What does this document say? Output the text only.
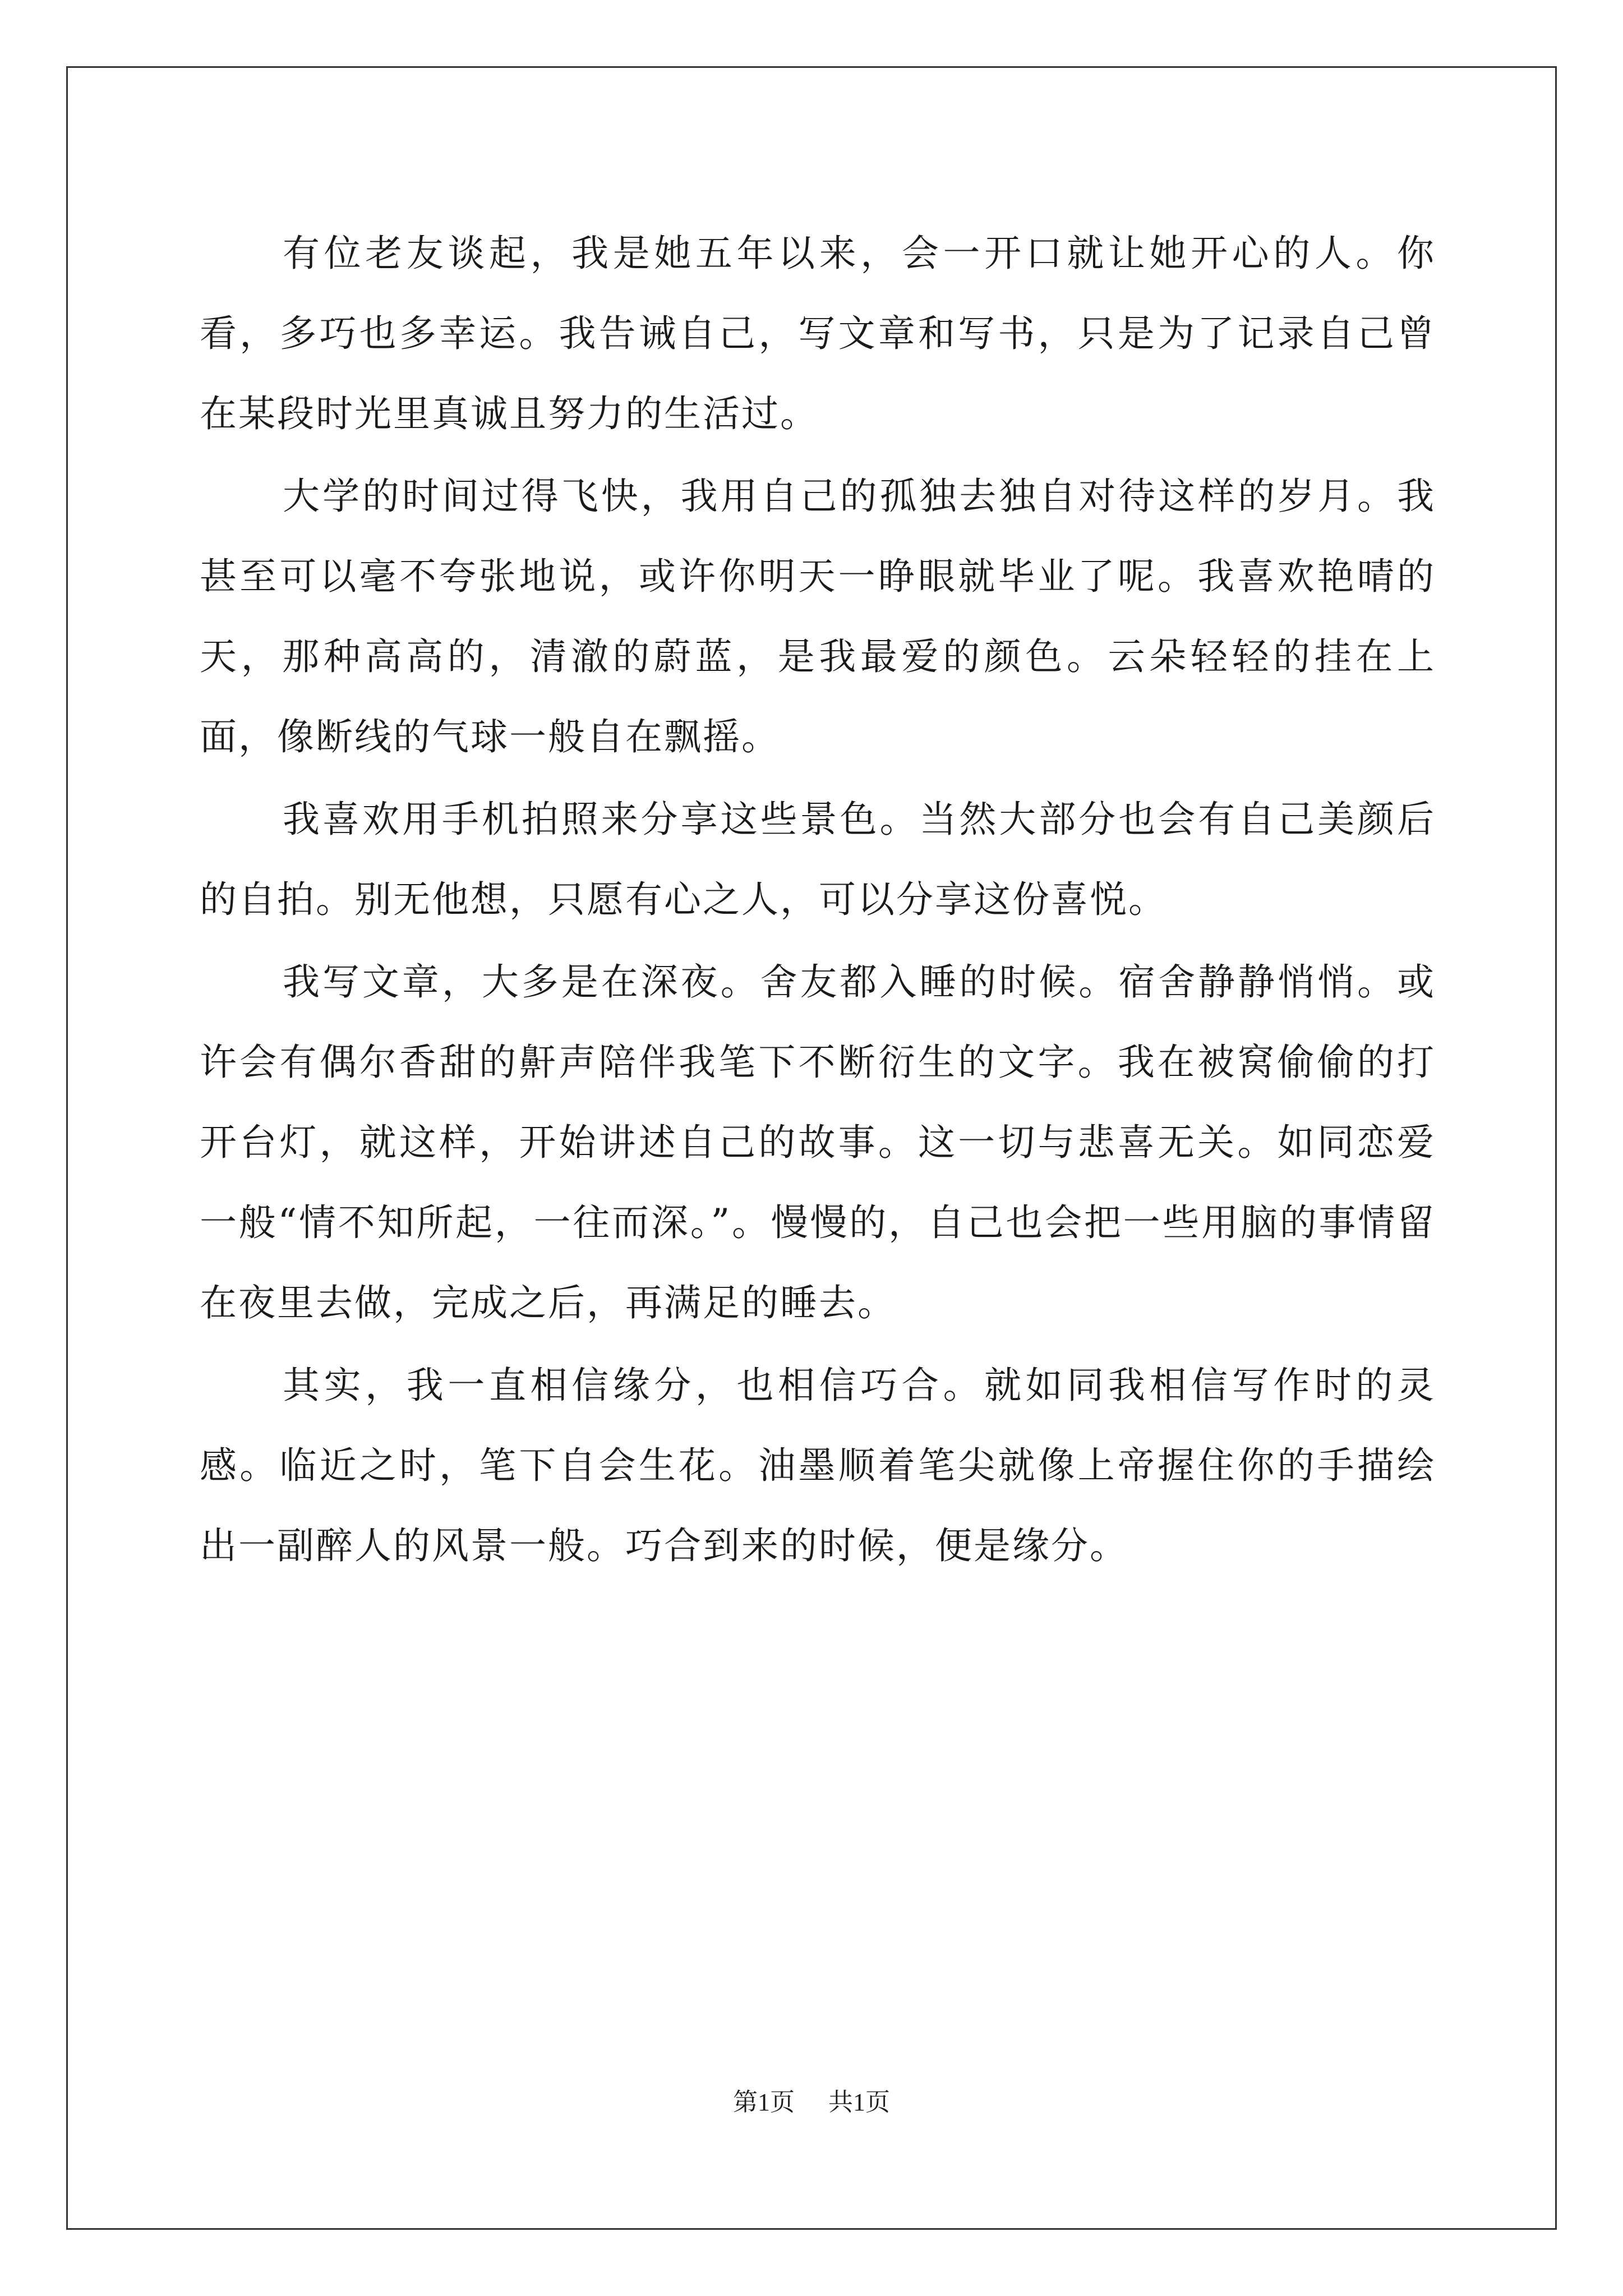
有位老友谈起，我是她五年以来，会一开口就让她开心的人。你看，多巧也多幸运。我告诫自己，写文章和写书，只是为了记录自己曾在某段时光里真诚且努力的生活过。

大学的时间过得飞快，我用自己的孤独去独自对待这样的岁月。我甚至可以毫不夸张地说，或许你明天一睁眼就毕业了呢。我喜欢艳晴的天，那种高高的，清澈的蔚蓝，是我最爱的颜色。云朵轻轻的挂在上面，像断线的气球一般自在飘摇。

我喜欢用手机拍照来分享这些景色。当然大部分也会有自己美颜后的自拍。别无他想，只愿有心之人，可以分享这份喜悦。

我写文章，大多是在深夜。舍友都入睡的时候。宿舍静静悄悄。或许会有偶尔香甜的鼾声陪伴我笔下不断衍生的文字。我在被窝偷偷的打开台灯，就这样，开始讲述自己的故事。这一切与悲喜无关。如同恋爱一般“情不知所起，一往而深。”。慢慢的，自己也会把一些用脑的事情留在夜里去做，完成之后，再满足的睡去。

其实，我一直相信缘分，也相信巧合。就如同我相信写作时的灵感。临近之时，笔下自会生花。油墨顺着笔尖就像上帝握住你的手描绘出一副醉人的风景一般。巧合到来的时候，便是缘分。

第1页 共1页
